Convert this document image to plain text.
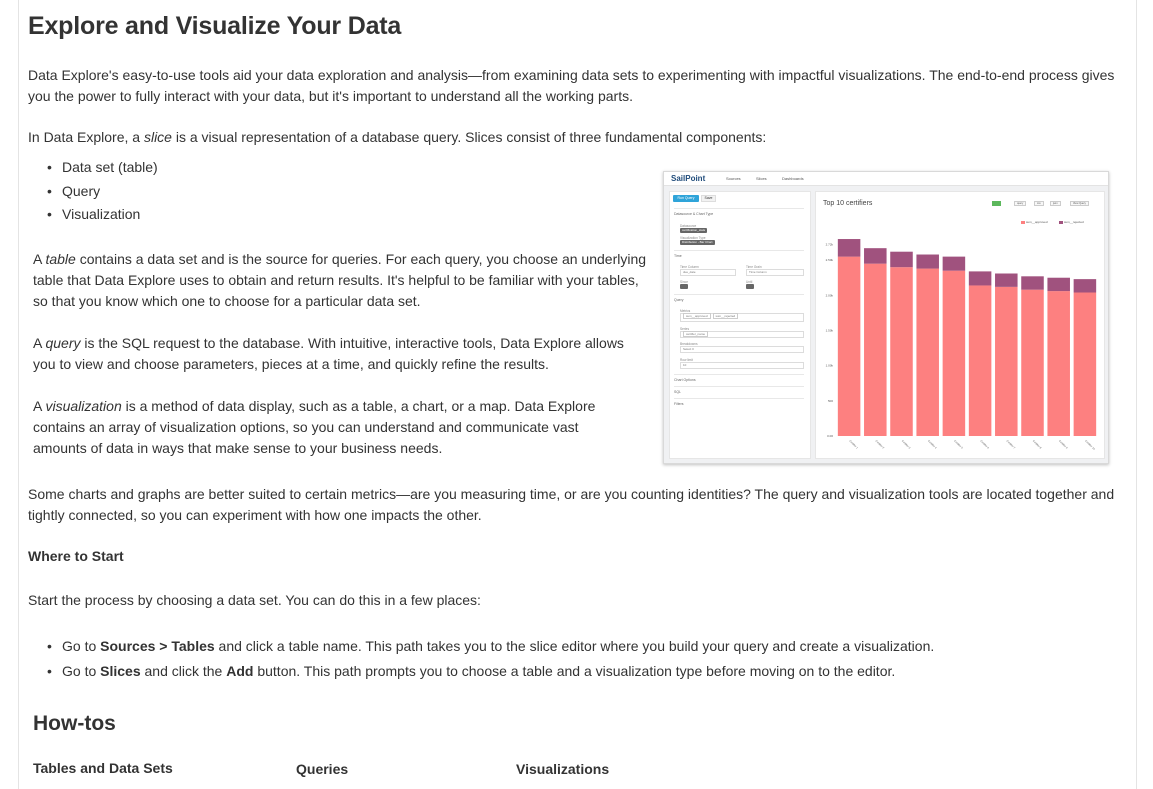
Explore and Visualize Your Data

Data Explore's easy-to-use tools aid your data exploration and analysis—from examining data sets to experimenting with impactful visualizations. The end-to-end process gives you the power to fully interact with your data, but it's important to understand all the working parts.

In Data Explore, a slice is a visual representation of a database query. Slices consist of three fundamental components:

• Data set (table)
• Query
• Visualization

A table contains a data set and is the source for queries. For each query, you choose an underlying table that Data Explore uses to obtain and return results. It's helpful to be familiar with your tables, so that you know which one to choose for a particular data set.

A query is the SQL request to the database. With intuitive, interactive tools, Data Explore allows you to view and choose parameters, pieces at a time, and quickly refine the results.

A visualization is a method of data display, such as a table, a chart, or a map. Data Explore contains an array of visualization options, so you can understand and communicate vast amounts of data in ways that make sense to your business needs.

SailPoint	Sources	Slices	Dashboards
Run Query	Save
Datasource & Chart Type
Datasource
certification_stats
Visualization Type
Distribution - Bar Chart
Time
Time Column
due_date
Time Grain
Time Column
Since	Until
Query
Metrics
sum__approved	sum__rejected
Series
certifier_name
Breakdowns
Select 0
Row limit
10
Chart Options
SQL
Filters
Top 10 certifiers
	query	csv	json	View Query
sum__approved	sum__rejected
0.00
500
1.00k
1.50k
2.00k
2.50k
2.72k
Certifier 1	Certifier 2	Certifier 3	Certifier 4	Certifier 5	Certifier 6	Certifier 7	Certifier 8	Certifier 9	Certifier 10

Some charts and graphs are better suited to certain metrics—are you measuring time, or are you counting identities? The query and visualization tools are located together and tightly connected, so you can experiment with how one impacts the other.

Where to Start

Start the process by choosing a data set. You can do this in a few places:

• Go to Sources > Tables and click a table name. This path takes you to the slice editor where you build your query and create a visualization.
• Go to Slices and click the Add button. This path prompts you to choose a table and a visualization type before moving on to the editor.
How-tos
Tables and Data Sets	Queries	Visualizations
